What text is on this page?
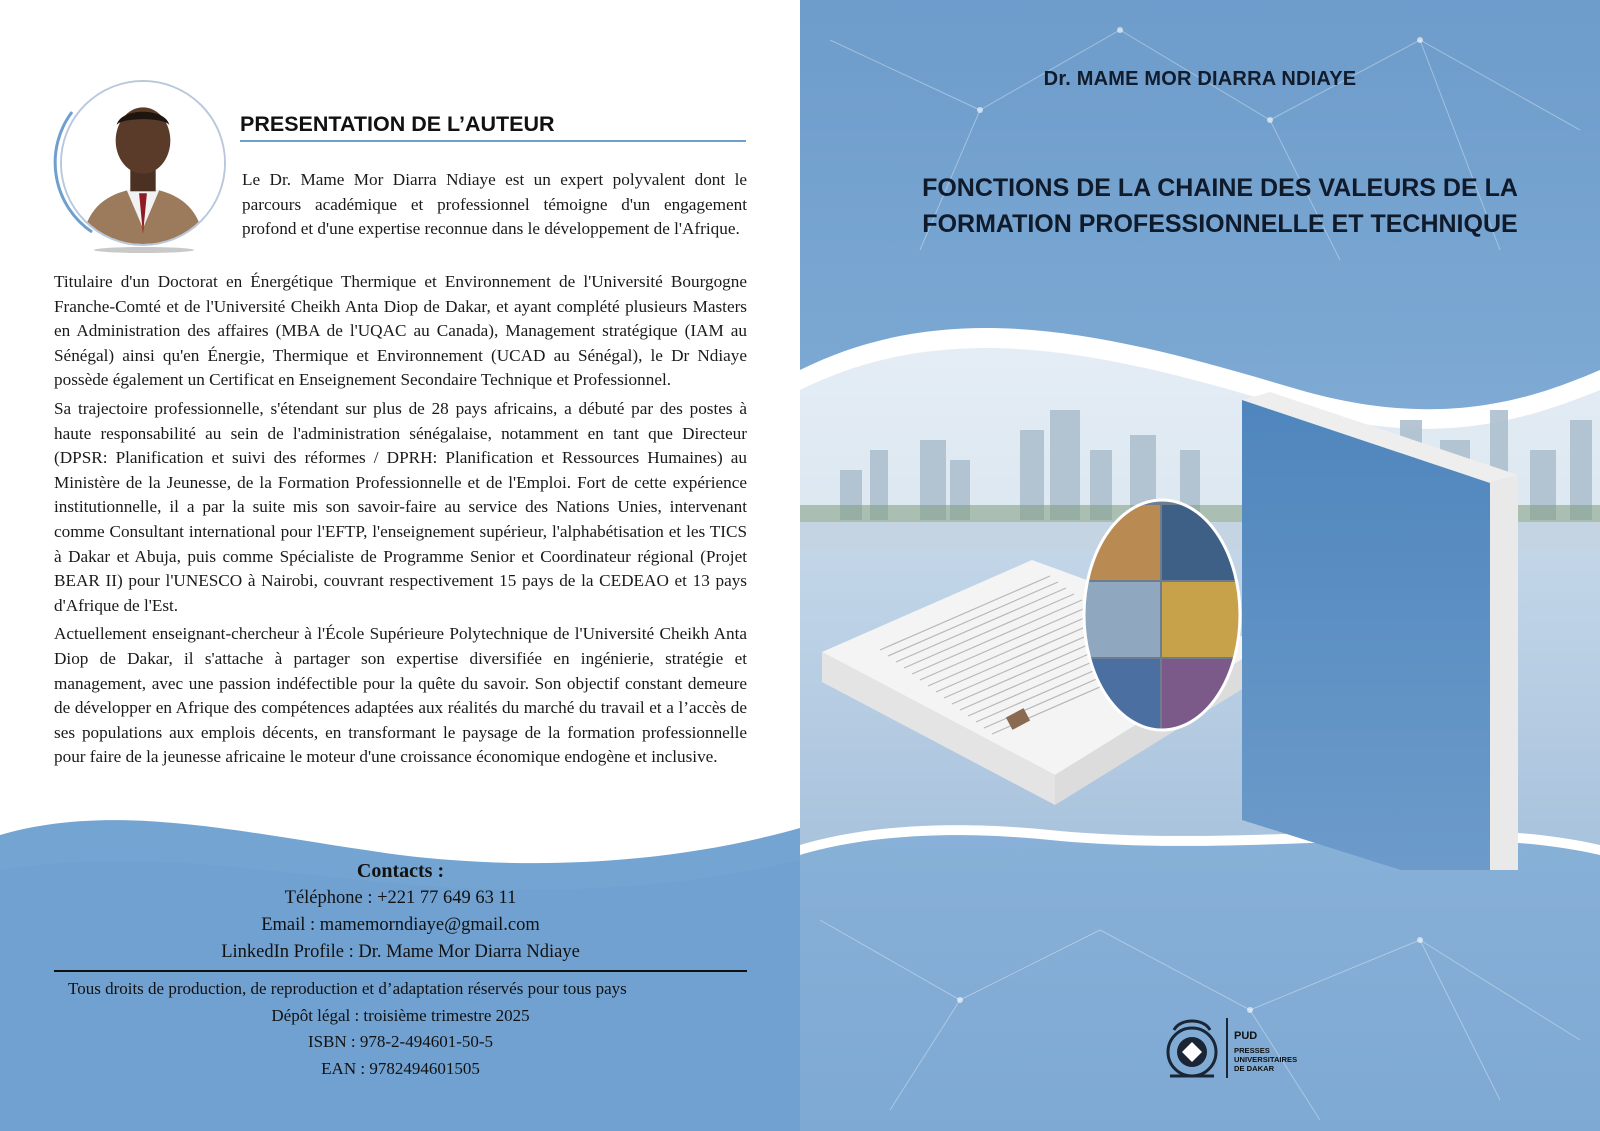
PRESENTATION DE L’AUTEUR

Le Dr. Mame Mor Diarra Ndiaye est un expert polyvalent dont le parcours académique et professionnel témoigne d'un engagement profond et d'une expertise reconnue dans le développement de l'Afrique.

Titulaire d'un Doctorat en Énergétique Thermique et Environnement de l'Université Bourgogne Franche-Comté et de l'Université Cheikh Anta Diop de Dakar, et ayant complété plusieurs Masters en Administration des affaires (MBA de l'UQAC au Canada), Management stratégique (IAM au Sénégal) ainsi qu'en Énergie, Thermique et Environnement (UCAD au Sénégal), le Dr Ndiaye possède également un Certificat en Enseignement Secondaire Technique et Professionnel.

Sa trajectoire professionnelle, s'étendant sur plus de 28 pays africains, a débuté par des postes à haute responsabilité au sein de l'administration sénégalaise, notamment en tant que Directeur (DPSR: Planification et suivi des réformes / DPRH: Planification et Ressources Humaines) au Ministère de la Jeunesse, de la Formation Professionnelle et de l'Emploi. Fort de cette expérience institutionnelle, il a par la suite mis son savoir-faire au service des Nations Unies, intervenant comme Consultant international pour l'EFTP, l'enseignement supérieur, l'alphabétisation et les TICS à Dakar et Abuja, puis comme Spécialiste de Programme Senior et Coordinateur régional (Projet BEAR II) pour l'UNESCO à Nairobi, couvrant respectivement 15 pays de la CEDEAO et 13 pays d'Afrique de l'Est.

Actuellement enseignant-chercheur à l'École Supérieure Polytechnique de l'Université Cheikh Anta Diop de Dakar, il s'attache à partager son expertise diversifiée en ingénierie, stratégie et management, avec une passion indéfectible pour la quête du savoir. Son objectif constant demeure de développer en Afrique des compétences adaptées aux réalités du marché du travail et a l’accès de ses populations aux emplois décents, en transformant le paysage de la formation professionnelle pour faire de la jeunesse africaine le moteur d'une croissance économique endogène et inclusive.

Contacts :
Téléphone : +221 77 649 63 11
Email : mamemorndiaye@gmail.com
LinkedIn Profile : Dr. Mame Mor Diarra Ndiaye
Tous droits de production, de reproduction et d’adaptation réservés pour tous pays
Dépôt légal : troisième trimestre 2025
ISBN : 978-2-494601-50-5
EAN : 9782494601505
Dr. MAME MOR DIARRA NDIAYE
FONCTIONS DE LA CHAINE DES VALEURS DE LA
FORMATION PROFESSIONNELLE ET TECHNIQUE
PUD
PRESSES
UNIVERSITAIRES
DE DAKAR
